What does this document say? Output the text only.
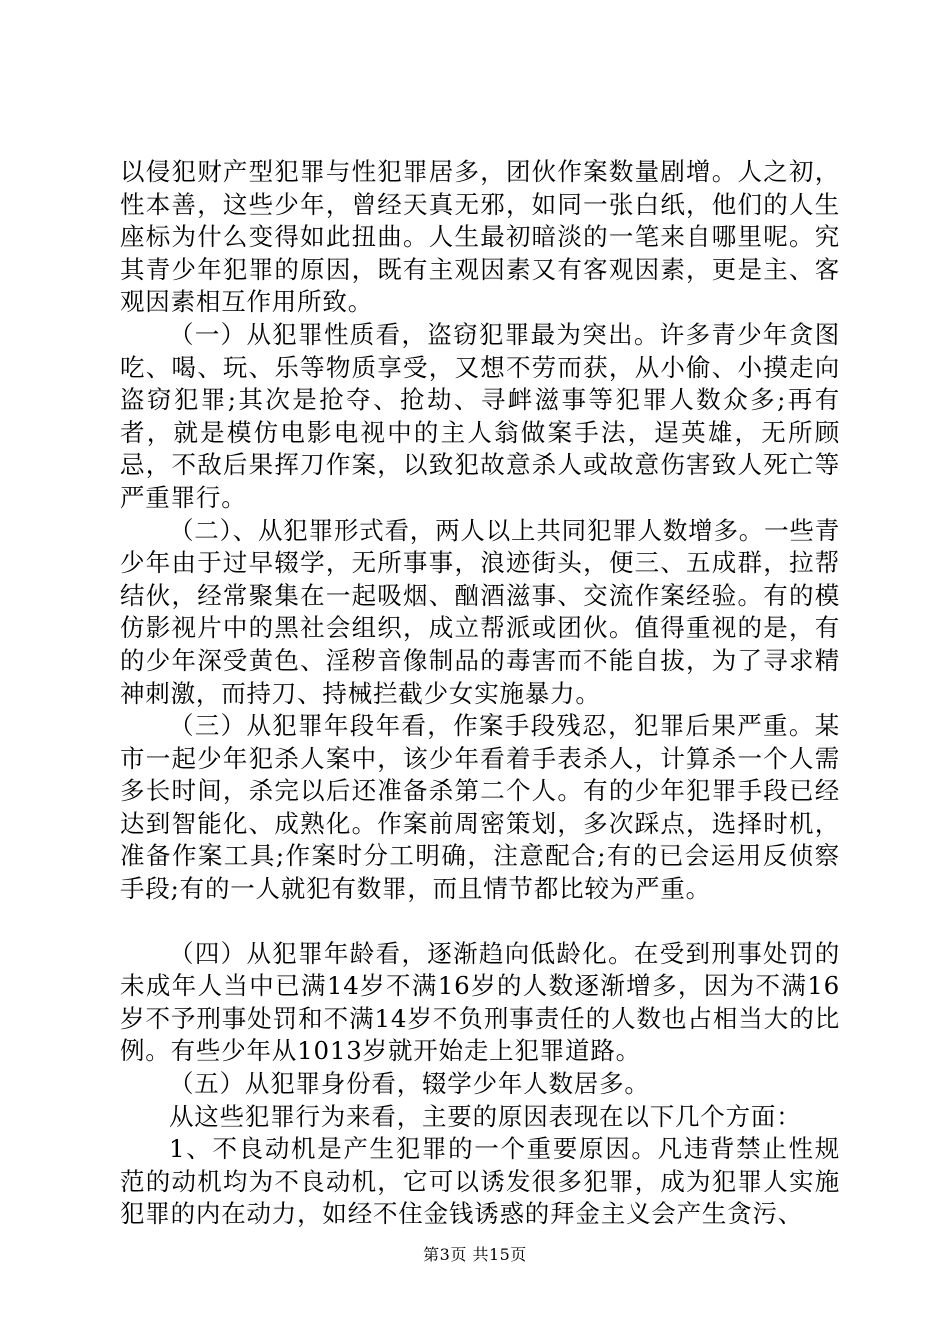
以侵犯财产型犯罪与性犯罪居多，团伙作案数量剧增。人之初，性本善，这些少年，曾经天真无邪，如同一张白纸，他们的人生座标为什么变得如此扭曲。人生最初暗淡的一笔来自哪里呢。究其青少年犯罪的原因，既有主观因素又有客观因素，更是主、客观因素相互作用所致。

（一）从犯罪性质看，盗窃犯罪最为突出。许多青少年贪图吃、喝、玩、乐等物质享受，又想不劳而获，从小偷、小摸走向盗窃犯罪;其次是抢夺、抢劫、寻衅滋事等犯罪人数众多;再有者，就是模仿电影电视中的主人翁做案手法，逞英雄，无所顾忌，不敌后果挥刀作案，以致犯故意杀人或故意伤害致人死亡等严重罪行。

（二）、从犯罪形式看，两人以上共同犯罪人数增多。一些青少年由于过早辍学，无所事事，浪迹街头，便三、五成群，拉帮结伙，经常聚集在一起吸烟、酗酒滋事、交流作案经验。有的模仿影视片中的黑社会组织，成立帮派或团伙。值得重视的是，有的少年深受黄色、淫秽音像制品的毒害而不能自拔，为了寻求精神刺激，而持刀、持械拦截少女实施暴力。

（三）从犯罪年段年看，作案手段残忍，犯罪后果严重。某市一起少年犯杀人案中，该少年看着手表杀人，计算杀一个人需多长时间，杀完以后还准备杀第二个人。有的少年犯罪手段已经达到智能化、成熟化。作案前周密策划，多次踩点，选择时机，准备作案工具;作案时分工明确，注意配合;有的已会运用反侦察手段;有的一人就犯有数罪，而且情节都比较为严重。

（四）从犯罪年龄看，逐渐趋向低龄化。在受到刑事处罚的未成年人当中已满14岁不满16岁的人数逐渐增多，因为不满16岁不予刑事处罚和不满14岁不负刑事责任的人数也占相当大的比例。有些少年从1013岁就开始走上犯罪道路。

（五）从犯罪身份看，辍学少年人数居多。

从这些犯罪行为来看，主要的原因表现在以下几个方面：

1、不良动机是产生犯罪的一个重要原因。凡违背禁止性规范的动机均为不良动机，它可以诱发很多犯罪，成为犯罪人实施犯罪的内在动力，如经不住金钱诱惑的拜金主义会产生贪污、

第3页 共15页
